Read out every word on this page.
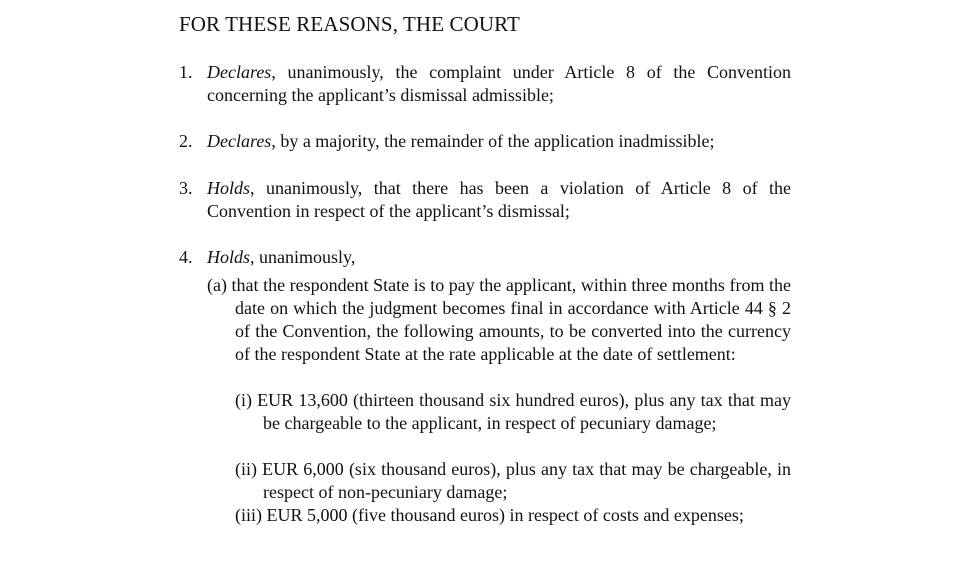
FOR THESE REASONS, THE COURT
1. Declares, unanimously, the complaint under Article 8 of the Convention concerning the applicant’s dismissal admissible;
2. Declares, by a majority, the remainder of the application inadmissible;
3. Holds, unanimously, that there has been a violation of Article 8 of the Convention in respect of the applicant’s dismissal;
4. Holds, unanimously,
(a) that the respondent State is to pay the applicant, within three months from the date on which the judgment becomes final in accordance with Article 44 § 2 of the Convention, the following amounts, to be converted into the currency of the respondent State at the rate applicable at the date of settlement:
(i) EUR 13,600 (thirteen thousand six hundred euros), plus any tax that may be chargeable to the applicant, in respect of pecuniary damage;
(ii) EUR 6,000 (six thousand euros), plus any tax that may be chargeable, in respect of non-pecuniary damage;
(iii) EUR 5,000 (five thousand euros) in respect of costs and expenses;
